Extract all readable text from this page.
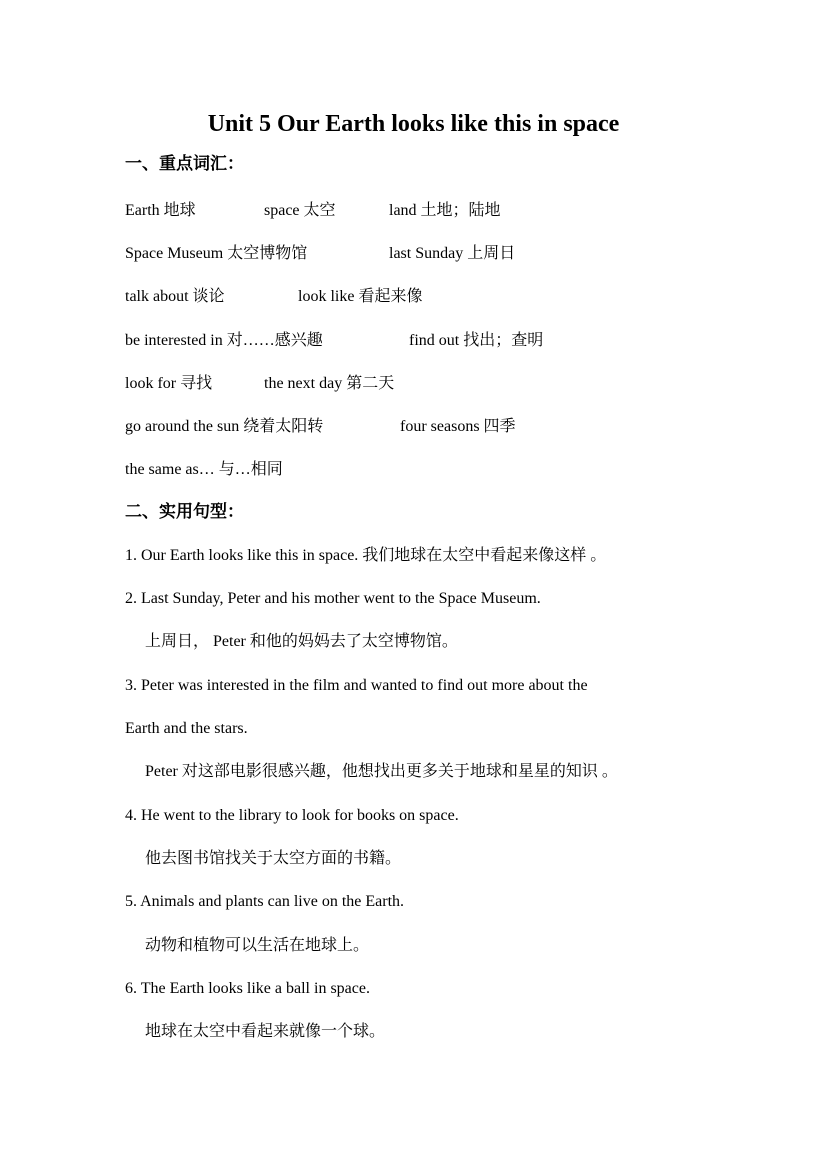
Unit 5 Our Earth looks like this in space
一、重点词汇：
Earth 地球	space 太空	land 土地；陆地
Space Museum 太空博物馆	last Sunday 上周日
talk about 谈论	look like 看起来像
be interested in 对……感兴趣	find out 找出；查明
look for 寻找	the next day 第二天
go around the sun 绕着太阳转	four seasons 四季
the same as… 与…相同
二、实用句型：
1. Our Earth looks like this in space. 我们地球在太空中看起来像这样 。
2. Last Sunday, Peter and his mother went to the Space Museum.
上周日， Peter 和他的妈妈去了太空博物馆。
3. Peter was interested in the film and wanted to find out more about the
Earth and the stars.
Peter 对这部电影很感兴趣，他想找出更多关于地球和星星的知识 。
4. He went to the library to look for books on space.
他去图书馆找关于太空方面的书籍。
5. Animals and plants can live on the Earth.
动物和植物可以生活在地球上。
6. The Earth looks like a ball in space.
地球在太空中看起来就像一个球。
